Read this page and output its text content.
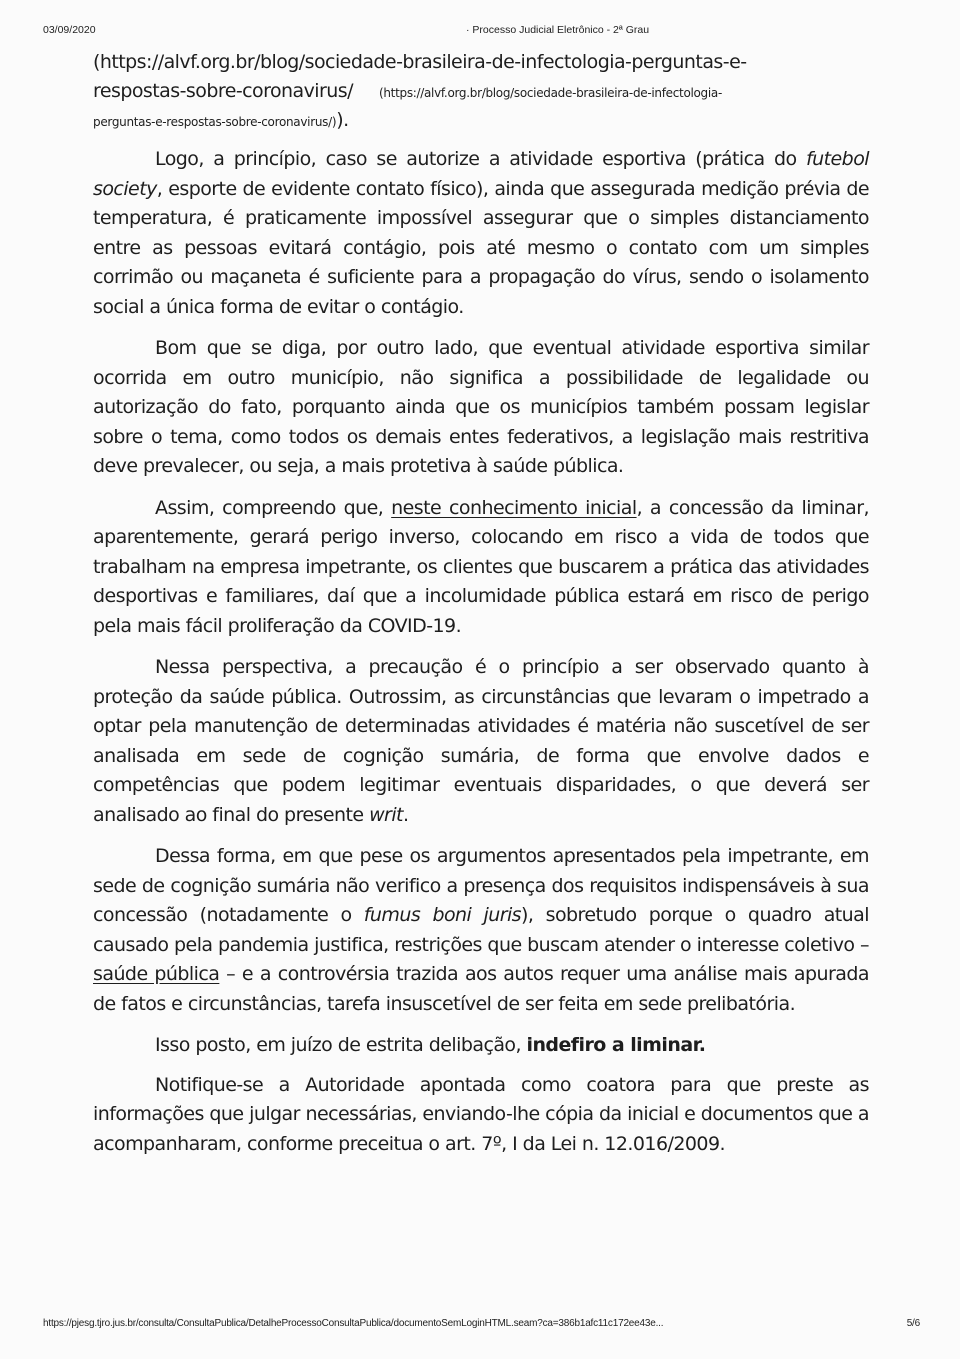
03/09/2020	· Processo Judicial Eletrônico - 2ª Grau
(https://alvf.org.br/blog/sociedade-brasileira-de-infectologia-perguntas-e-
respostas-sobre-coronavirus/ (https://alvf.org.br/blog/sociedade-brasileira-de-infectologia-
perguntas-e-respostas-sobre-coronavirus/)).

Logo, a princípio, caso se autorize a atividade esportiva (prática do futebol society, esporte de evidente contato físico), ainda que assegurada medição prévia de temperatura, é praticamente impossível assegurar que o simples distanciamento entre as pessoas evitará contágio, pois até mesmo o contato com um simples corrimão ou maçaneta é suficiente para a propagação do vírus, sendo o isolamento social a única forma de evitar o contágio.

Bom que se diga, por outro lado, que eventual atividade esportiva similar ocorrida em outro município, não significa a possibilidade de legalidade ou autorização do fato, porquanto ainda que os municípios também possam legislar sobre o tema, como todos os demais entes federativos, a legislação mais restritiva deve prevalecer, ou seja, a mais protetiva à saúde pública.

Assim, compreendo que, neste conhecimento inicial, a concessão da liminar, aparentemente, gerará perigo inverso, colocando em risco a vida de todos que trabalham na empresa impetrante, os clientes que buscarem a prática das atividades desportivas e familiares, daí que a incolumidade pública estará em risco de perigo pela mais fácil proliferação da COVID-19.

Nessa perspectiva, a precaução é o princípio a ser observado quanto à proteção da saúde pública. Outrossim, as circunstâncias que levaram o impetrado a optar pela manutenção de determinadas atividades é matéria não suscetível de ser analisada em sede de cognição sumária, de forma que envolve dados e competências que podem legitimar eventuais disparidades, o que deverá ser analisado ao final do presente writ.

Dessa forma, em que pese os argumentos apresentados pela impetrante, em sede de cognição sumária não verifico a presença dos requisitos indispensáveis à sua concessão (notadamente o fumus boni juris), sobretudo porque o quadro atual causado pela pandemia justifica, restrições que buscam atender o interesse coletivo – saúde pública – e a controvérsia trazida aos autos requer uma análise mais apurada de fatos e circunstâncias, tarefa insuscetível de ser feita em sede prelibatória.

Isso posto, em juízo de estrita delibação, indefiro a liminar.

Notifique-se a Autoridade apontada como coatora para que preste as informações que julgar necessárias, enviando-lhe cópia da inicial e documentos que a acompanharam, conforme preceitua o art. 7º, I da Lei n. 12.016/2009.

https://pjesg.tjro.jus.br/consulta/ConsultaPublica/DetalheProcessoConsultaPublica/documentoSemLoginHTML.seam?ca=386b1afc11c172ee43e...	5/6
